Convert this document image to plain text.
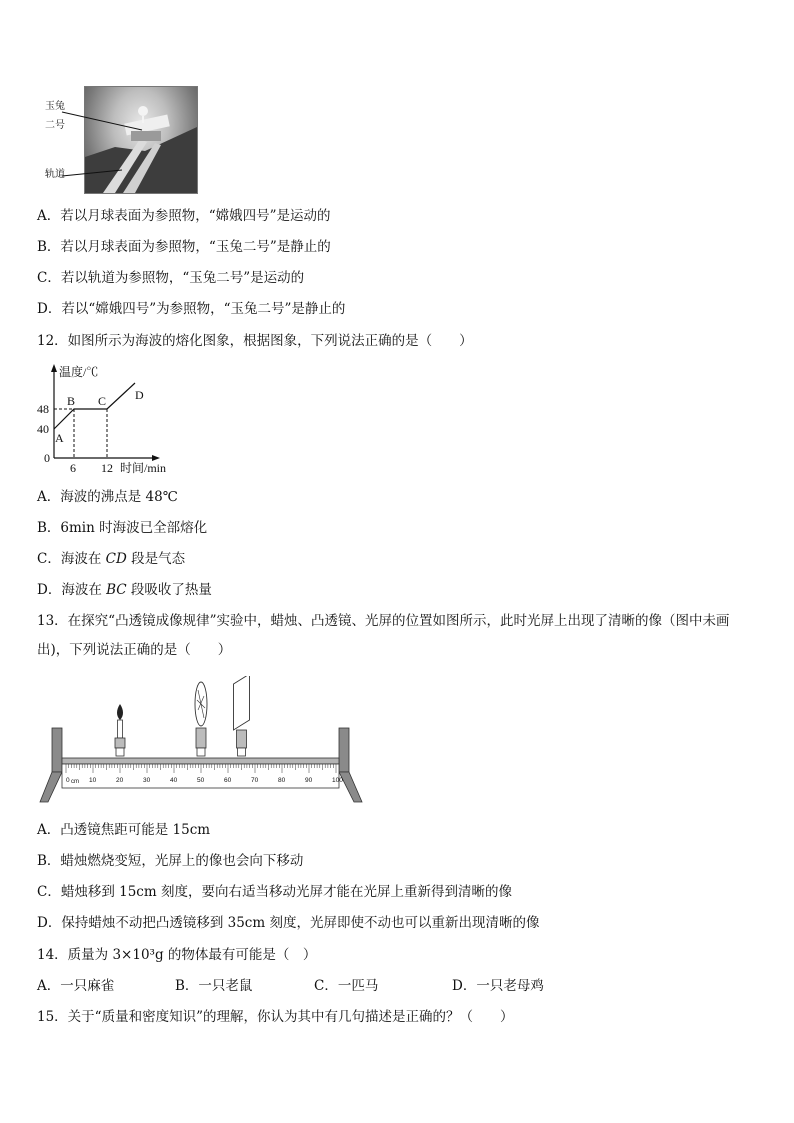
玉兔
二号
轨道
A．若以月球表面为参照物，“嫦娥四号”是运动的
B．若以月球表面为参照物，“玉兔二号”是静止的
C．若以轨道为参照物，“玉兔二号”是运动的
D．若以“嫦娥四号”为参照物，“玉兔二号”是静止的
12．如图所示为海波的熔化图象，根据图象，下列说法正确的是（　　）
温度/℃
时间/min
0
48
40
6 12
A
B C D
A．海波的沸点是 48℃
B．6min 时海波已全部熔化
C．海波在 CD 段是气态
D．海波在 BC 段吸收了热量
13．在探究“凸透镜成像规律”实验中，蜡烛、凸透镜、光屏的位置如图所示，此时光屏上出现了清晰的像（图中未画出)，下列说法正确的是（　　）
0	10	20	30	40	50	60	70	80	90	100
cm
A．凸透镜焦距可能是 15cm
B．蜡烛燃烧变短，光屏上的像也会向下移动
C．蜡烛移到 15cm 刻度，要向右适当移动光屏才能在光屏上重新得到清晰的像
D．保持蜡烛不动把凸透镜移到 35cm 刻度，光屏即使不动也可以重新出现清晰的像
14．质量为 3×10³g 的物体最有可能是（　）
A．一只麻雀	B．一只老鼠	C．一匹马	D．一只老母鸡
15．关于“质量和密度知识”的理解，你认为其中有几句描述是正确的？（　　）
